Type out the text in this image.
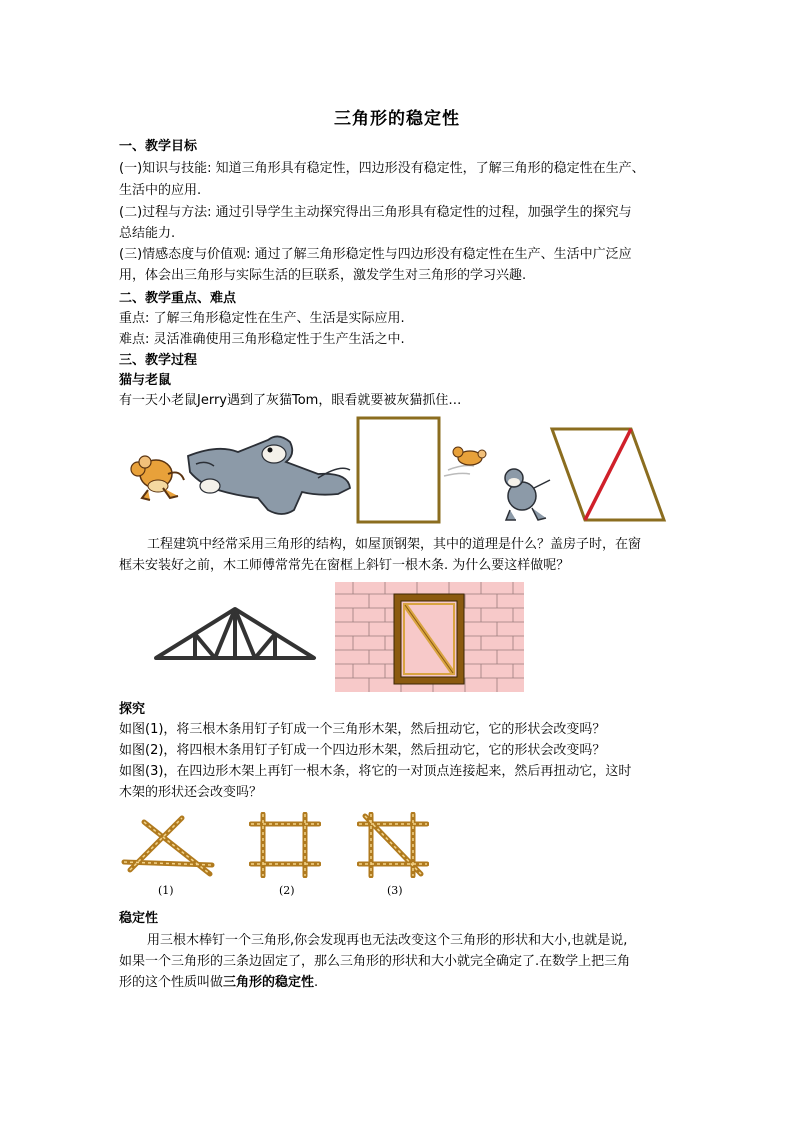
三角形的稳定性
一、教学目标
(一)知识与技能: 知道三角形具有稳定性，四边形没有稳定性，了解三角形的稳定性在生产、
生活中的应用.
(二)过程与方法: 通过引导学生主动探究得出三角形具有稳定性的过程，加强学生的探究与
总结能力.
(三)情感态度与价值观: 通过了解三角形稳定性与四边形没有稳定性在生产、生活中广泛应
用，体会出三角形与实际生活的巨联系，激发学生对三角形的学习兴趣.
二、教学重点、难点
重点: 了解三角形稳定性在生产、生活是实际应用.
难点: 灵活准确使用三角形稳定性于生产生活之中.
三、教学过程
猫与老鼠
有一天小老鼠Jerry遇到了灰猫Tom，眼看就要被灰猫抓住…
工程建筑中经常采用三角形的结构，如屋顶钢架，其中的道理是什么？盖房子时，在窗
框未安装好之前，木工师傅常常先在窗框上斜钉一根木条. 为什么要这样做呢？
探究
如图(1)，将三根木条用钉子钉成一个三角形木架，然后扭动它，它的形状会改变吗？
如图(2)，将四根木条用钉子钉成一个四边形木架，然后扭动它，它的形状会改变吗？
如图(3)，在四边形木架上再钉一根木条，将它的一对顶点连接起来，然后再扭动它，这时
木架的形状还会改变吗？
(1)	(2)	(3)
稳定性
用三根木棒钉一个三角形,你会发现再也无法改变这个三角形的形状和大小,也就是说,
如果一个三角形的三条边固定了，那么三角形的形状和大小就完全确定了.在数学上把三角
形的这个性质叫做三角形的稳定性.
